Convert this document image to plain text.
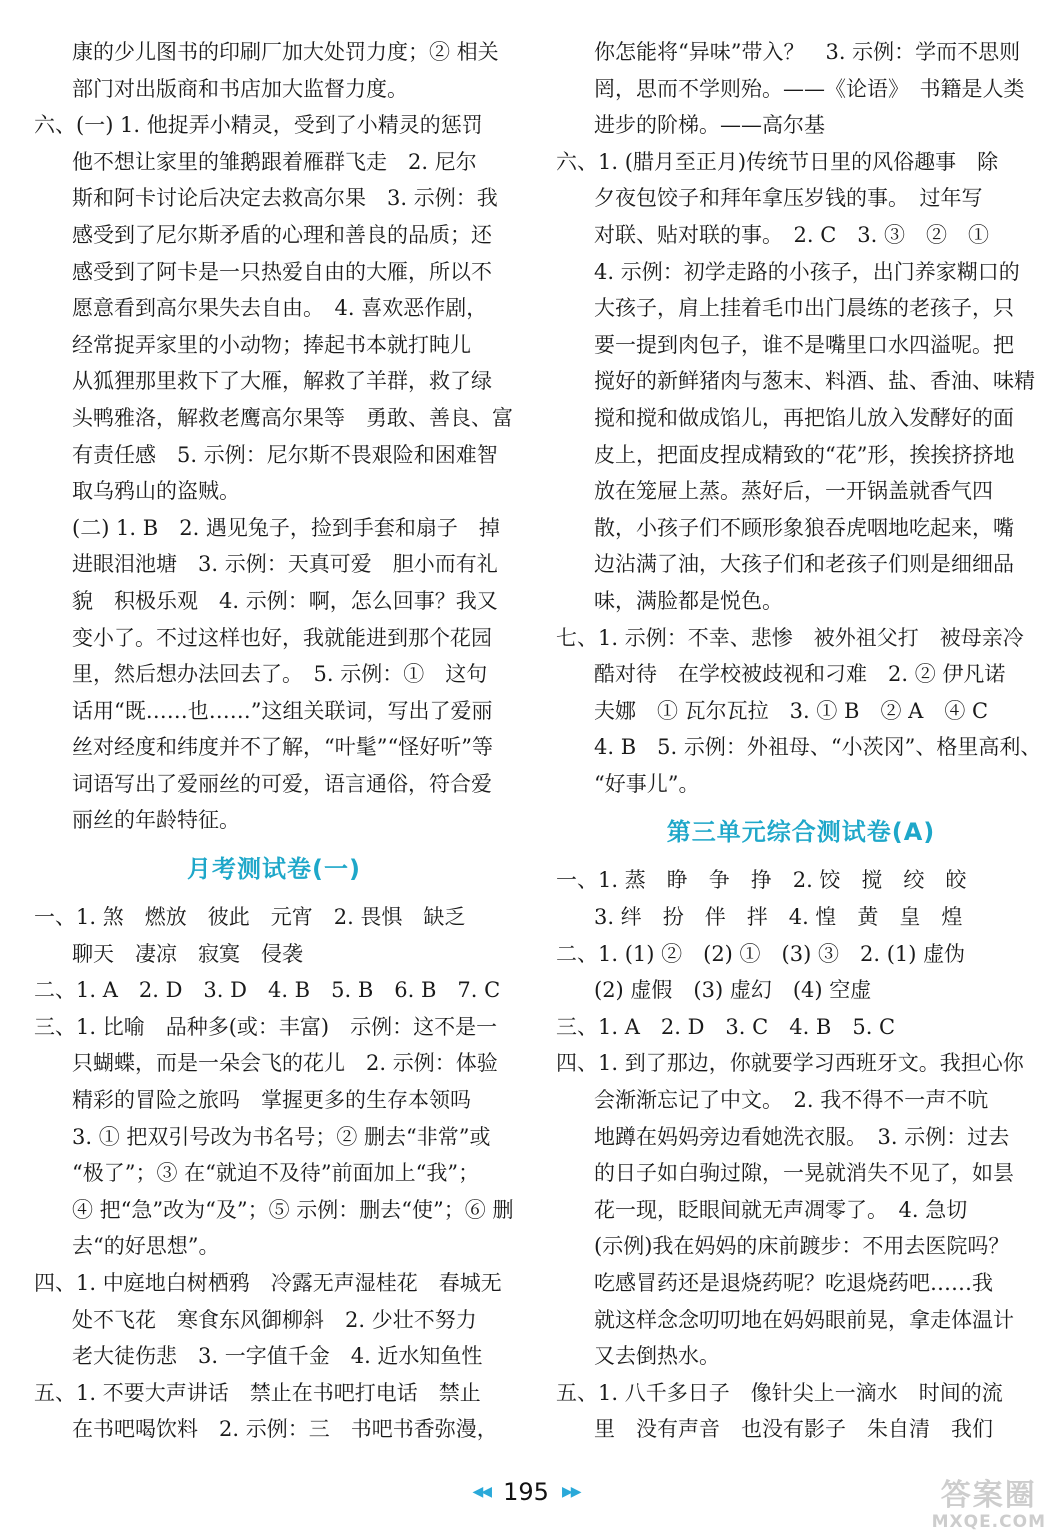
康的少儿图书的印刷厂加大处罚力度；② 相关
部门对出版商和书店加大监督力度。
六、(一) 1. 他捉弄小精灵，受到了小精灵的惩罚
他不想让家里的雏鹅跟着雁群飞走　2. 尼尔
斯和阿卡讨论后决定去救高尔果　3. 示例：我
感受到了尼尔斯矛盾的心理和善良的品质；还
感受到了阿卡是一只热爱自由的大雁，所以不
愿意看到高尔果失去自由。　4. 喜欢恶作剧，
经常捉弄家里的小动物；捧起书本就打盹儿
从狐狸那里救下了大雁，解救了羊群，救了绿
头鸭雅洛，解救老鹰高尔果等　勇敢、善良、富
有责任感　5. 示例：尼尔斯不畏艰险和困难智
取乌鸦山的盗贼。
(二) 1. B　2. 遇见兔子，捡到手套和扇子　掉
进眼泪池塘　3. 示例：天真可爱　胆小而有礼
貌　积极乐观　4. 示例：啊，怎么回事？我又
变小了。不过这样也好，我就能进到那个花园
里，然后想办法回去了。　5. 示例：①　这句
话用“既……也……”这组关联词，写出了爱丽
丝对经度和纬度并不了解，“叶髦”“怪好听”等
词语写出了爱丽丝的可爱，语言通俗，符合爱
丽丝的年龄特征。
月考测试卷(一)
一、1. 煞　燃放　彼此　元宵　2. 畏惧　缺乏
聊天　凄凉　寂寞　侵袭
二、1. A　2. D　3. D　4. B　5. B　6. B　7. C
三、1. 比喻　品种多(或：丰富)　示例：这不是一
只蝴蝶，而是一朵会飞的花儿　2. 示例：体验
精彩的冒险之旅吗　掌握更多的生存本领吗
3. ① 把双引号改为书名号；② 删去“非常”或
“极了”；③ 在“就迫不及待”前面加上“我”；
④ 把“急”改为“及”；⑤ 示例：删去“使”；⑥ 删
去“的好思想”。
四、1. 中庭地白树栖鸦　冷露无声湿桂花　春城无
处不飞花　寒食东风御柳斜　2. 少壮不努力
老大徒伤悲　3. 一字值千金　4. 近水知鱼性
五、1. 不要大声讲话　禁止在书吧打电话　禁止
在书吧喝饮料　2. 示例：三　书吧书香弥漫，
你怎能将“异味”带入？　3. 示例：学而不思则
罔，思而不学则殆。——《论语》　书籍是人类
进步的阶梯。——高尔基
六、1. (腊月至正月)传统节日里的风俗趣事　除
夕夜包饺子和拜年拿压岁钱的事。　过年写
对联、贴对联的事。　2. C　3. ③　②　①
4. 示例：初学走路的小孩子，出门养家糊口的
大孩子，肩上挂着毛巾出门晨练的老孩子，只
要一提到肉包子，谁不是嘴里口水四溢呢。把
搅好的新鲜猪肉与葱末、料酒、盐、香油、味精
搅和搅和做成馅儿，再把馅儿放入发酵好的面
皮上，把面皮捏成精致的“花”形，挨挨挤挤地
放在笼屉上蒸。蒸好后，一开锅盖就香气四
散，小孩子们不顾形象狼吞虎咽地吃起来，嘴
边沾满了油，大孩子们和老孩子们则是细细品
味，满脸都是悦色。
七、1. 示例：不幸、悲惨　被外祖父打　被母亲冷
酷对待　在学校被歧视和刁难　2. ② 伊凡诺
夫娜　① 瓦尔瓦拉　3. ① B　② A　④ C
4. B　5. 示例：外祖母、“小茨冈”、格里高利、
“好事儿”。
第三单元综合测试卷(A)
一、1. 蒸　睁　争　挣　2. 饺　搅　绞　皎
3. 绊　扮　伴　拌　4. 惶　黄　皇　煌
二、1. (1) ②　(2) ①　(3) ③　2. (1) 虚伪
(2) 虚假　(3) 虚幻　(4) 空虚
三、1. A　2. D　3. C　4. B　5. C
四、1. 到了那边，你就要学习西班牙文。我担心你
会渐渐忘记了中文。　2. 我不得不一声不吭
地蹲在妈妈旁边看她洗衣服。　3. 示例：过去
的日子如白驹过隙，一晃就消失不见了，如昙
花一现，眨眼间就无声凋零了。　4. 急切
(示例)我在妈妈的床前踱步：不用去医院吗？
吃感冒药还是退烧药呢？吃退烧药吧……我
就这样念念叨叨地在妈妈眼前晃，拿走体温计
又去倒热水。
五、1. 八千多日子　像针尖上一滴水　时间的流
里　没有声音　也没有影子　朱自清　我们
◀◀ 195 ▶▶	答案圈
MXQE.COM
